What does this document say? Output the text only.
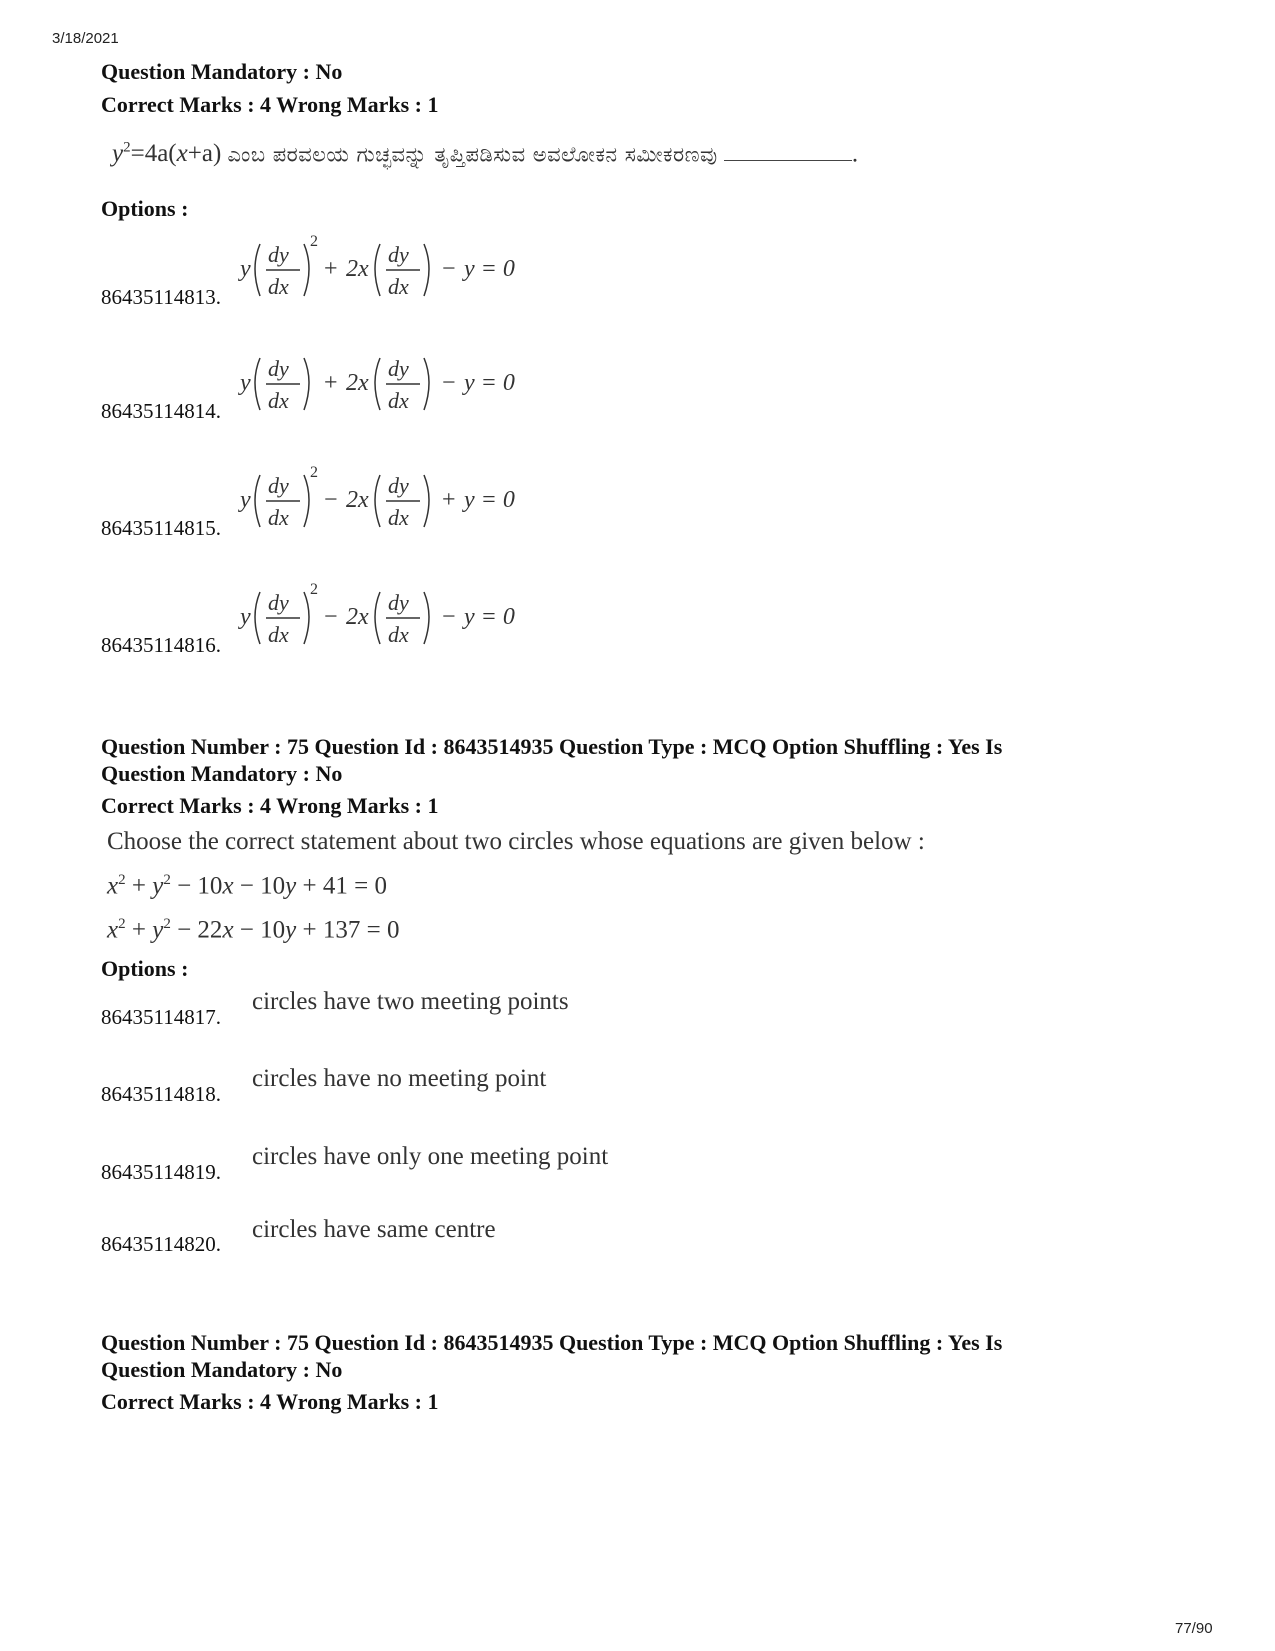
3/18/2021
Question Mandatory : No
Correct Marks : 4 Wrong Marks : 1
$y^2=4a(x+a)$ ಎಂಬ ಪರವಲಯ ಗುಚ್ಛವನ್ನು ತೃಪ್ತಿಪಡಿಸುವ ಅವಲೋಕನ ಸಮೀಕರಣವು	.
Options :
86435114813.
y
dy
dx
2
+ 2x
dy
dx
− y = 0
86435114814.
y
dy
dx
+ 2x
dy
dx
− y = 0
86435114815.
y
dy
dx
2
− 2x
dy
dx
+ y = 0
86435114816.
y
dy
dx
2
− 2x
dy
dx
− y = 0
Question Number : 75 Question Id : 8643514935 Question Type : MCQ Option Shuffling : Yes Is
Question Mandatory : No
Correct Marks : 4 Wrong Marks : 1
Choose the correct statement about two circles whose equations are given below :
$x^2 + y^2 - 10x - 10y + 41 = 0$
$x^2 + y^2 - 22x - 10y + 137 = 0$
Options :
86435114817.
circles have two meeting points
86435114818.
circles have no meeting point
86435114819.
circles have only one meeting point
86435114820.
circles have same centre
Question Number : 75 Question Id : 8643514935 Question Type : MCQ Option Shuffling : Yes Is
Question Mandatory : No
Correct Marks : 4 Wrong Marks : 1
77/90
